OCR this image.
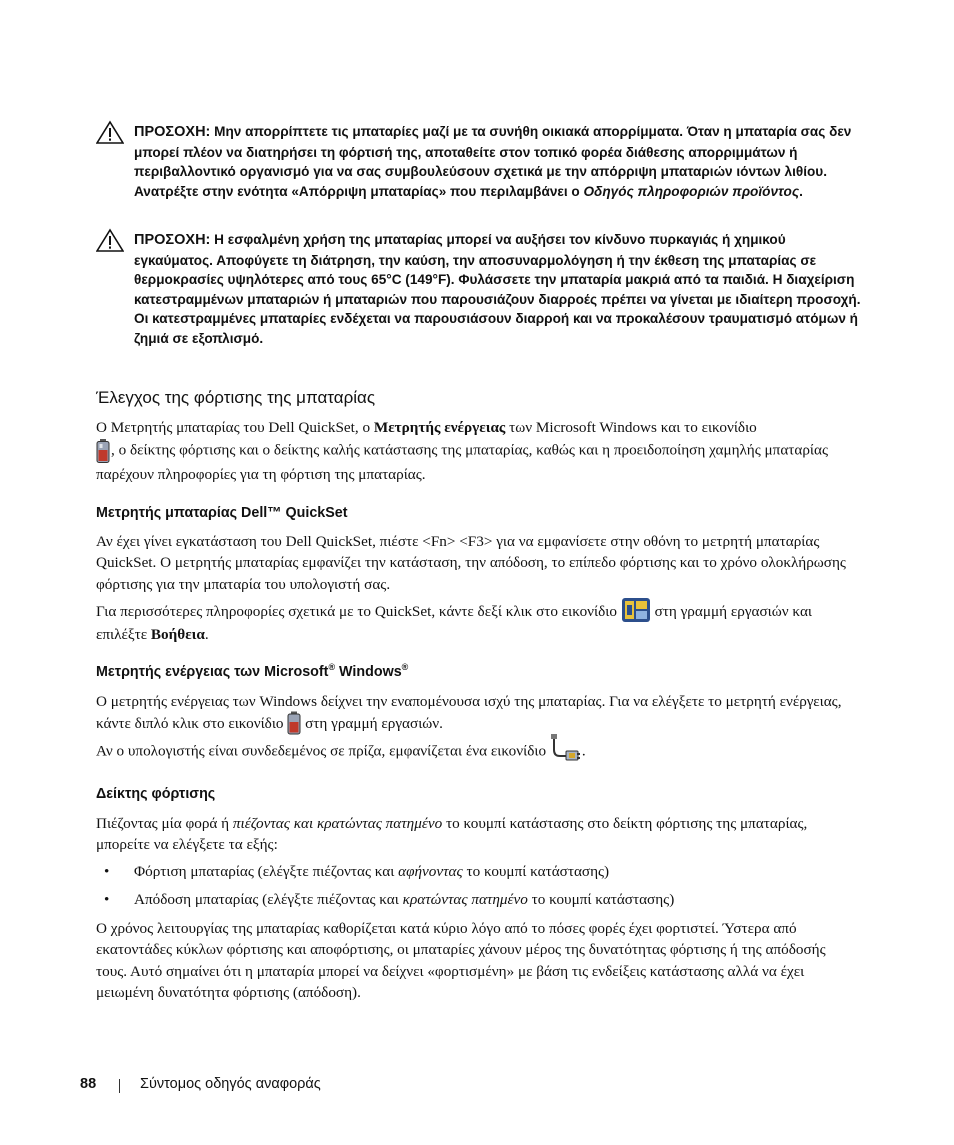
ΠΡΟΣΟΧΗ: Μην απορρίπτετε τις μπαταρίες μαζί με τα συνήθη οικιακά απορρίμματα. Όταν η μπαταρία σας δεν μπορεί πλέον να διατηρήσει τη φόρτισή της, αποταθείτε στον τοπικό φορέα διάθεσης απορριμμάτων ή περιβαλλοντικό οργανισμό για να σας συμβουλεύσουν σχετικά με την απόρριψη μπαταριών ιόντων λιθίου. Ανατρέξτε στην ενότητα «Απόρριψη μπαταρίας» που περιλαμβάνει ο Οδηγός πληροφοριών προϊόντος.
ΠΡΟΣΟΧΗ: Η εσφαλμένη χρήση της μπαταρίας μπορεί να αυξήσει τον κίνδυνο πυρκαγιάς ή χημικού εγκαύματος. Αποφύγετε τη διάτρηση, την καύση, την αποσυναρμολόγηση ή την έκθεση της μπαταρίας σε θερμοκρασίες υψηλότερες από τους 65°C (149°F). Φυλάσσετε την μπαταρία μακριά από τα παιδιά. Η διαχείριση κατεστραμμένων μπαταριών ή μπαταριών που παρουσιάζουν διαρροές πρέπει να γίνεται με ιδιαίτερη προσοχή. Οι κατεστραμμένες μπαταρίες ενδέχεται να παρουσιάσουν διαρροή και να προκαλέσουν τραυματισμό ατόμων ή ζημιά σε εξοπλισμό.
Έλεγχος της φόρτισης της μπαταρίας
Ο Μετρητής μπαταρίας του Dell QuickSet, ο Μετρητής ενέργειας των Microsoft Windows και το εικονίδιο
, ο δείκτης φόρτισης και ο δείκτης καλής κατάστασης της μπαταρίας, καθώς και η προειδοποίηση χαμηλής μπαταρίας παρέχουν πληροφορίες για τη φόρτιση της μπαταρίας.
Μετρητής μπαταρίας Dell™ QuickSet
Αν έχει γίνει εγκατάσταση του Dell QuickSet, πιέστε <Fn> <F3> για να εμφανίσετε στην οθόνη το μετρητή μπαταρίας QuickSet. Ο μετρητής μπαταρίας εμφανίζει την κατάσταση, την απόδοση, το επίπεδο φόρτισης και το χρόνο ολοκλήρωσης φόρτισης για την μπαταρία του υπολογιστή σας.
Για περισσότερες πληροφορίες σχετικά με το QuickSet, κάντε δεξί κλικ στο εικονίδιο  στη γραμμή εργασιών και επιλέξτε Βοήθεια.
Μετρητής ενέργειας των Microsoft® Windows®
Ο μετρητής ενέργειας των Windows δείχνει την εναπομένουσα ισχύ της μπαταρίας. Για να ελέγξετε το μετρητή ενέργειας, κάντε διπλό κλικ στο εικονίδιο  στη γραμμή εργασιών.
Αν ο υπολογιστής είναι συνδεδεμένος σε πρίζα, εμφανίζεται ένα εικονίδιο .
Δείκτης φόρτισης
Πιέζοντας μία φορά ή πιέζοντας και κρατώντας πατημένο το κουμπί κατάστασης στο δείκτη φόρτισης της μπαταρίας, μπορείτε να ελέγξετε τα εξής:
• Φόρτιση μπαταρίας (ελέγξτε πιέζοντας και αφήνοντας το κουμπί κατάστασης)
• Απόδοση μπαταρίας (ελέγξτε πιέζοντας και κρατώντας πατημένο το κουμπί κατάστασης)
Ο χρόνος λειτουργίας της μπαταρίας καθορίζεται κατά κύριο λόγο από τo πόσες φορές έχει φορτιστεί. Ύστερα από εκατοντάδες κύκλων φόρτισης και αποφόρτισης, οι μπαταρίες χάνουν μέρος της δυνατότητας φόρτισης ή της απόδοσής τους. Αυτό σημαίνει ότι η μπαταρία μπορεί να δείχνει «φορτισμένη» με βάση τις ενδείξεις κατάστασης αλλά να έχει μειωμένη δυνατότητα φόρτισης (απόδοση).
88	Σύντομος οδηγός αναφοράς
